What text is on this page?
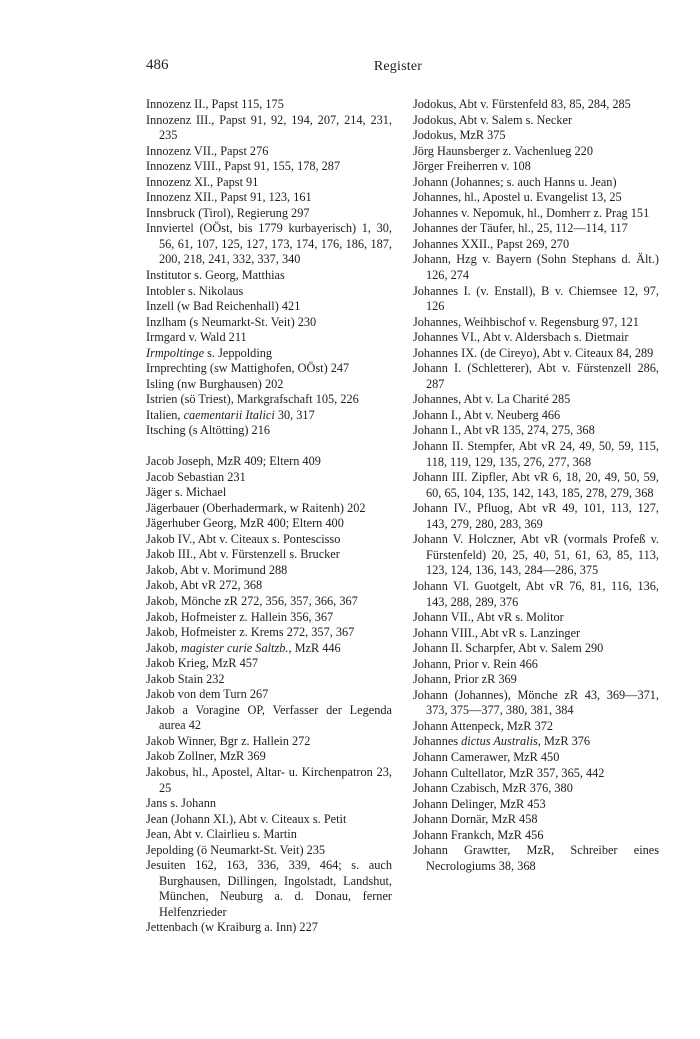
486	Register
Innozenz II., Papst 115, 175
Innozenz III., Papst 91, 92, 194, 207, 214, 231, 235
Innozenz VII., Papst 276
Innozenz VIII., Papst 91, 155, 178, 287
Innozenz XI., Papst 91
Innozenz XII., Papst 91, 123, 161
Innsbruck (Tirol), Regierung 297
Innviertel (OÖst, bis 1779 kurbayerisch) 1, 30, 56, 61, 107, 125, 127, 173, 174, 176, 186, 187, 200, 218, 241, 332, 337, 340
Institutor s. Georg, Matthias
Intobler s. Nikolaus
Inzell (w Bad Reichenhall) 421
Inzlham (s Neumarkt-St. Veit) 230
Irmgard v. Wald 211
Irmpoltinge s. Jeppolding
Irnprechting (sw Mattighofen, OÖst) 247
Isling (nw Burghausen) 202
Istrien (sö Triest), Markgrafschaft 105, 226
Italien, caementarii Italici 30, 317
Itsching (s Altötting) 216
Jacob Joseph, MzR 409; Eltern 409
Jacob Sebastian 231
Jäger s. Michael
Jägerbauer (Oberhadermark, w Raitenh) 202
Jägerhuber Georg, MzR 400; Eltern 400
Jakob IV., Abt v. Citeaux s. Pontescisso
Jakob III., Abt v. Fürstenzell s. Brucker
Jakob, Abt v. Morimund 288
Jakob, Abt vR 272, 368
Jakob, Mönche zR 272, 356, 357, 366, 367
Jakob, Hofmeister z. Hallein 356, 367
Jakob, Hofmeister z. Krems 272, 357, 367
Jakob, magister curie Saltzb., MzR 446
Jakob Krieg, MzR 457
Jakob Stain 232
Jakob von dem Turn 267
Jakob a Voragine OP, Verfasser der Legenda aurea 42
Jakob Winner, Bgr z. Hallein 272
Jakob Zollner, MzR 369
Jakobus, hl., Apostel, Altar- u. Kirchenpatron 23, 25
Jans s. Johann
Jean (Johann XI.), Abt v. Citeaux s. Petit
Jean, Abt v. Clairlieu s. Martin
Jepolding (ö Neumarkt-St. Veit) 235
Jesuiten 162, 163, 336, 339, 464; s. auch Burghausen, Dillingen, Ingolstadt, Landshut, München, Neuburg a. d. Donau, ferner Helfenzrieder
Jettenbach (w Kraiburg a. Inn) 227
Jodokus, Abt v. Fürstenfeld 83, 85, 284, 285
Jodokus, Abt v. Salem s. Necker
Jodokus, MzR 375
Jörg Haunsberger z. Vachenlueg 220
Jörger Freiherren v. 108
Johann (Johannes; s. auch Hanns u. Jean)
Johannes, hl., Apostel u. Evangelist 13, 25
Johannes v. Nepomuk, hl., Domherr z. Prag 151
Johannes der Täufer, hl., 25, 112—114, 117
Johannes XXII., Papst 269, 270
Johann, Hzg v. Bayern (Sohn Stephans d. Ält.) 126, 274
Johannes I. (v. Enstall), B v. Chiemsee 12, 97, 126
Johannes, Weihbischof v. Regensburg 97, 121
Johannes VI., Abt v. Aldersbach s. Dietmair
Johannes IX. (de Cireyo), Abt v. Citeaux 84, 289
Johann I. (Schletterer), Abt v. Fürstenzell 286, 287
Johannes, Abt v. La Charité 285
Johann I., Abt v. Neuberg 466
Johann I., Abt vR 135, 274, 275, 368
Johann II. Stempfer, Abt vR 24, 49, 50, 59, 115, 118, 119, 129, 135, 276, 277, 368
Johann III. Zipfler, Abt vR 6, 18, 20, 49, 50, 59, 60, 65, 104, 135, 142, 143, 185, 278, 279, 368
Johann IV., Pfluog, Abt vR 49, 101, 113, 127, 143, 279, 280, 283, 369
Johann V. Holczner, Abt vR (vormals Profeß v. Fürstenfeld) 20, 25, 40, 51, 61, 63, 85, 113, 123, 124, 136, 143, 284—286, 375
Johann VI. Guotgelt, Abt vR 76, 81, 116, 136, 143, 288, 289, 376
Johann VII., Abt vR s. Molitor
Johann VIII., Abt vR s. Lanzinger
Johann II. Scharpfer, Abt v. Salem 290
Johann, Prior v. Rein 466
Johann, Prior zR 369
Johann (Johannes), Mönche zR 43, 369—371, 373, 375—377, 380, 381, 384
Johann Attenpeck, MzR 372
Johannes dictus Australis, MzR 376
Johann Camerawer, MzR 450
Johann Cultellator, MzR 357, 365, 442
Johann Czabisch, MzR 376, 380
Johann Delinger, MzR 453
Johann Dornär, MzR 458
Johann Frankch, MzR 456
Johann Grawtter, MzR, Schreiber eines Necrologiums 38, 368
